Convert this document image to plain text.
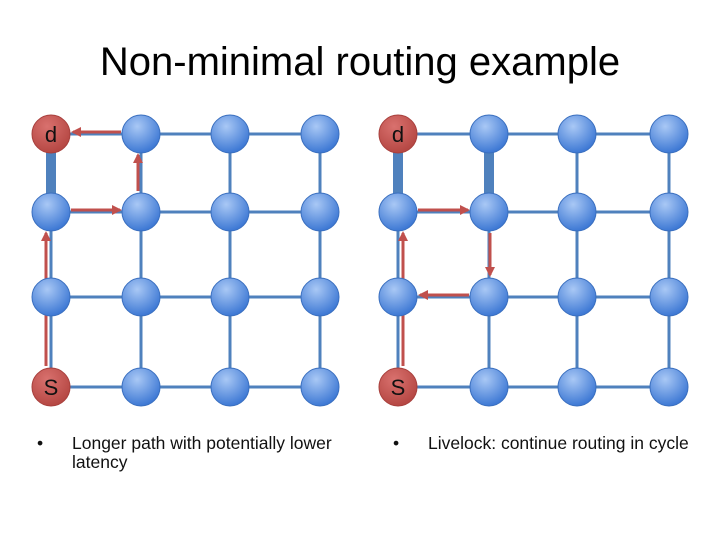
Non-minimal routing example
d
S
d
S
•	Longer path with potentially lower latency
•	Livelock: continue routing in cycle
